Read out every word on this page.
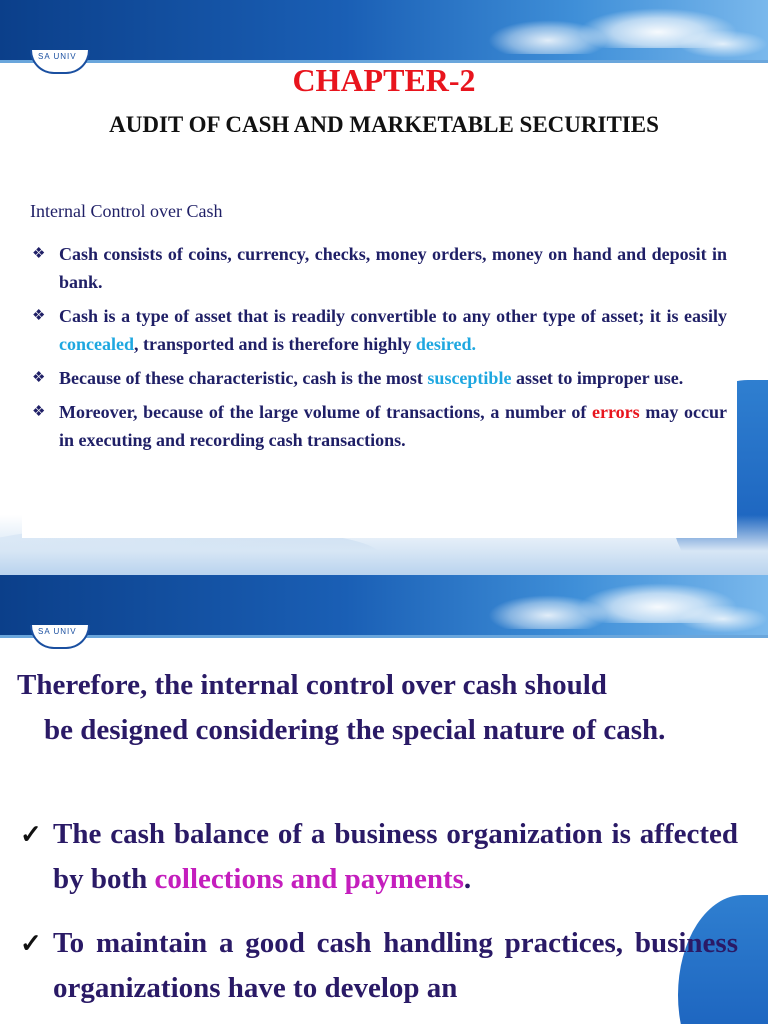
SA UNIV
CHAPTER-2
AUDIT OF CASH AND MARKETABLE SECURITIES
Internal Control over Cash
❖ Cash consists of coins, currency, checks, money orders, money on hand and deposit in bank.
❖ Cash is a type of asset that is readily convertible to any other type of asset; it is easily concealed, transported and is therefore highly desired.
❖ Because of these characteristic, cash is the most susceptible asset to improper use.
❖ Moreover, because of the large volume of transactions, a number of errors may occur in executing and recording cash transactions.
SA UNIV
Therefore, the internal control over cash should
be designed considering the special nature of cash.
✓ The cash balance of a business organization is affected by both collections and payments.
✓ To maintain a good cash handling practices, business organizations have to develop an
